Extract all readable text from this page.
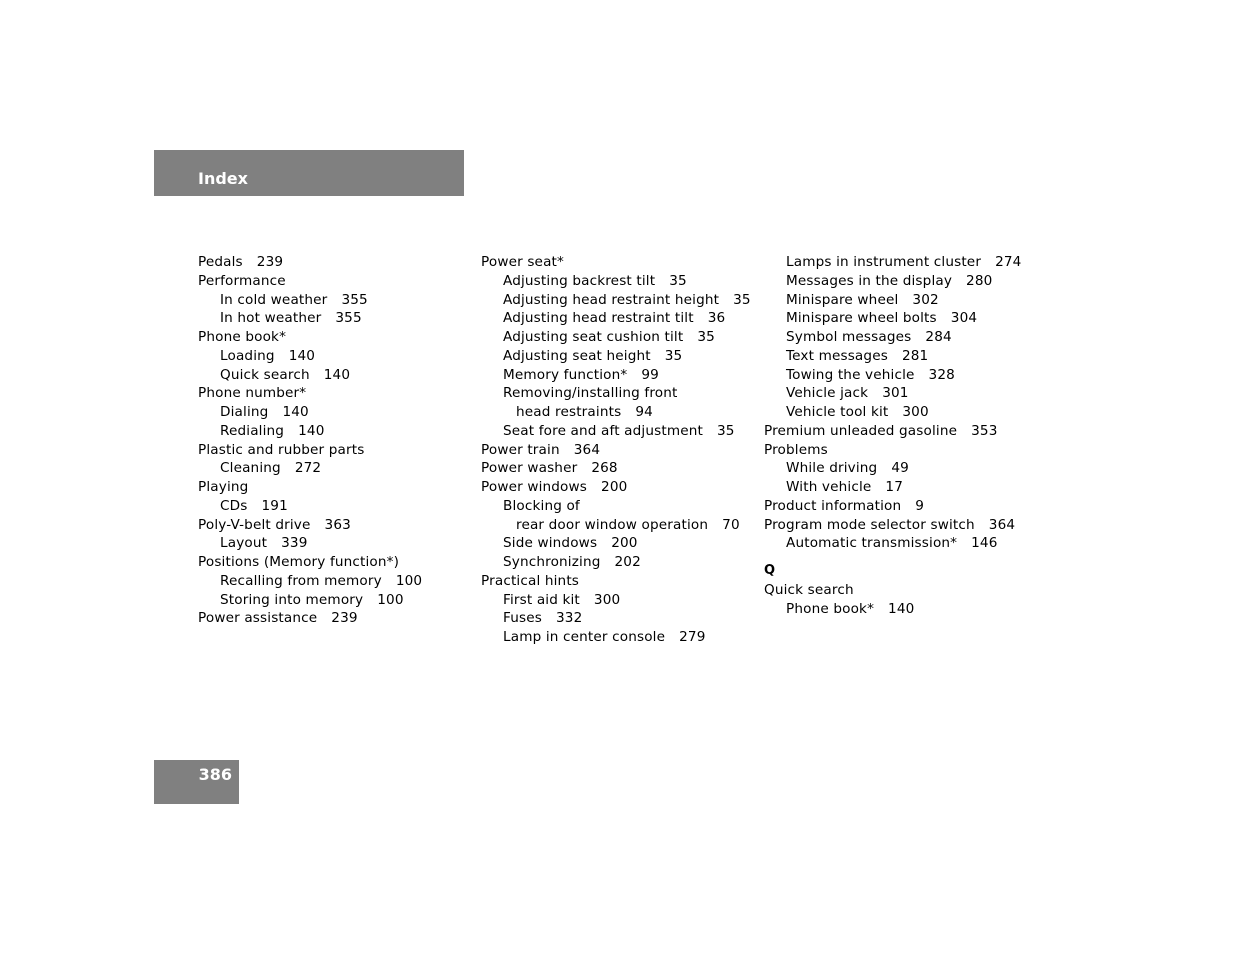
Index
Pedals 239
Performance
In cold weather 355
In hot weather 355
Phone book*
Loading 140
Quick search 140
Phone number*
Dialing 140
Redialing 140
Plastic and rubber parts
Cleaning 272
Playing
CDs 191
Poly-V-belt drive 363
Layout 339
Positions (Memory function*)
Recalling from memory 100
Storing into memory 100
Power assistance 239
Power seat*
Adjusting backrest tilt 35
Adjusting head restraint height 35
Adjusting head restraint tilt 36
Adjusting seat cushion tilt 35
Adjusting seat height 35
Memory function* 99
Removing/installing front
head restraints 94
Seat fore and aft adjustment 35
Power train 364
Power washer 268
Power windows 200
Blocking of
rear door window operation 70
Side windows 200
Synchronizing 202
Practical hints
First aid kit 300
Fuses 332
Lamp in center console 279
Lamps in instrument cluster 274
Messages in the display 280
Minispare wheel 302
Minispare wheel bolts 304
Symbol messages 284
Text messages 281
Towing the vehicle 328
Vehicle jack 301
Vehicle tool kit 300
Premium unleaded gasoline 353
Problems
While driving 49
With vehicle 17
Product information 9
Program mode selector switch 364
Automatic transmission* 146
Q
Quick search
Phone book* 140
386
